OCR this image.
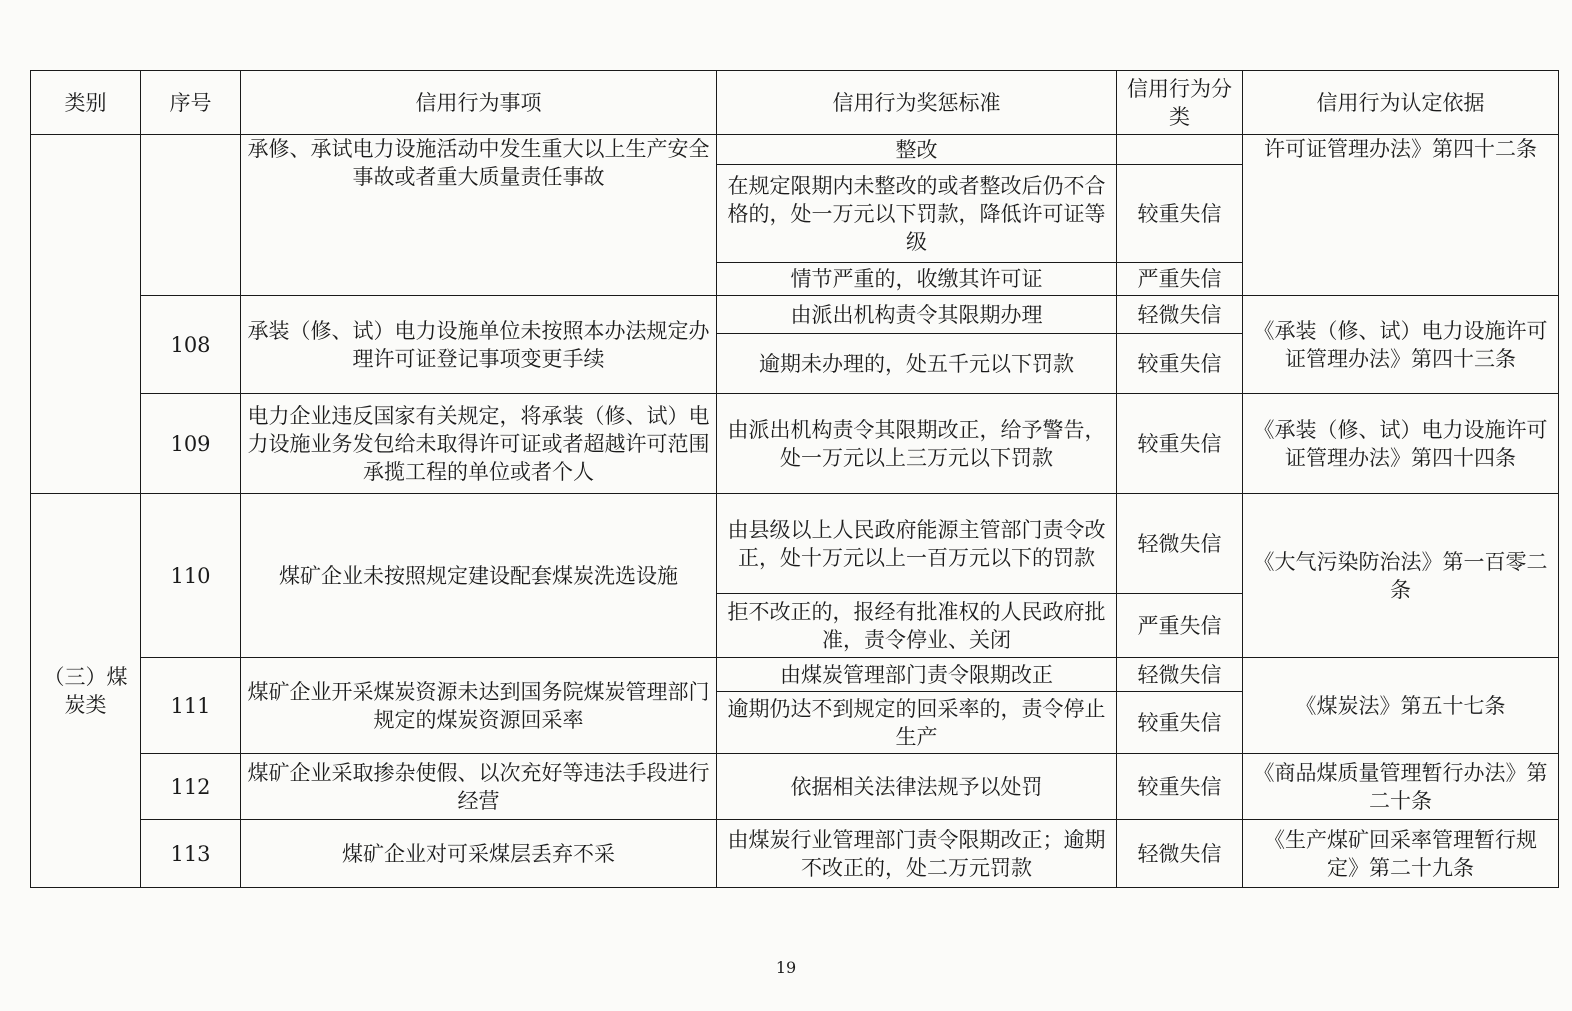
类别	序号	信用行为事项	信用行为奖惩标准	信用行为分类	信用行为认定依据
		承修、承试电力设施活动中发生重大以上生产安全事故或者重大质量责任事故	整改		许可证管理办法》第四十二条
			在规定限期内未整改的或者整改后仍不合格的，处一万元以下罚款，降低许可证等级	较重失信	
			情节严重的，收缴其许可证	严重失信	
	108	承装（修、试）电力设施单位未按照本办法规定办理许可证登记事项变更手续	由派出机构责令其限期办理	轻微失信	《承装（修、试）电力设施许可证管理办法》第四十三条
			逾期未办理的，处五千元以下罚款	较重失信	
	109	电力企业违反国家有关规定，将承装（修、试）电力设施业务发包给未取得许可证或者超越许可范围承揽工程的单位或者个人	由派出机构责令其限期改正，给予警告，处一万元以上三万元以下罚款	较重失信	《承装（修、试）电力设施许可证管理办法》第四十四条
（三）煤炭类	110	煤矿企业未按照规定建设配套煤炭洗选设施	由县级以上人民政府能源主管部门责令改正，处十万元以上一百万元以下的罚款	轻微失信	《大气污染防治法》第一百零二条
			拒不改正的，报经有批准权的人民政府批准，责令停业、关闭	严重失信	
	111	煤矿企业开采煤炭资源未达到国务院煤炭管理部门规定的煤炭资源回采率	由煤炭管理部门责令限期改正	轻微失信	《煤炭法》第五十七条
			逾期仍达不到规定的回采率的，责令停止生产	较重失信	
	112	煤矿企业采取掺杂使假、以次充好等违法手段进行经营	依据相关法律法规予以处罚	较重失信	《商品煤质量管理暂行办法》第二十条
	113	煤矿企业对可采煤层丢弃不采	由煤炭行业管理部门责令限期改正；逾期不改正的，处二万元罚款	轻微失信	《生产煤矿回采率管理暂行规定》第二十九条
19
